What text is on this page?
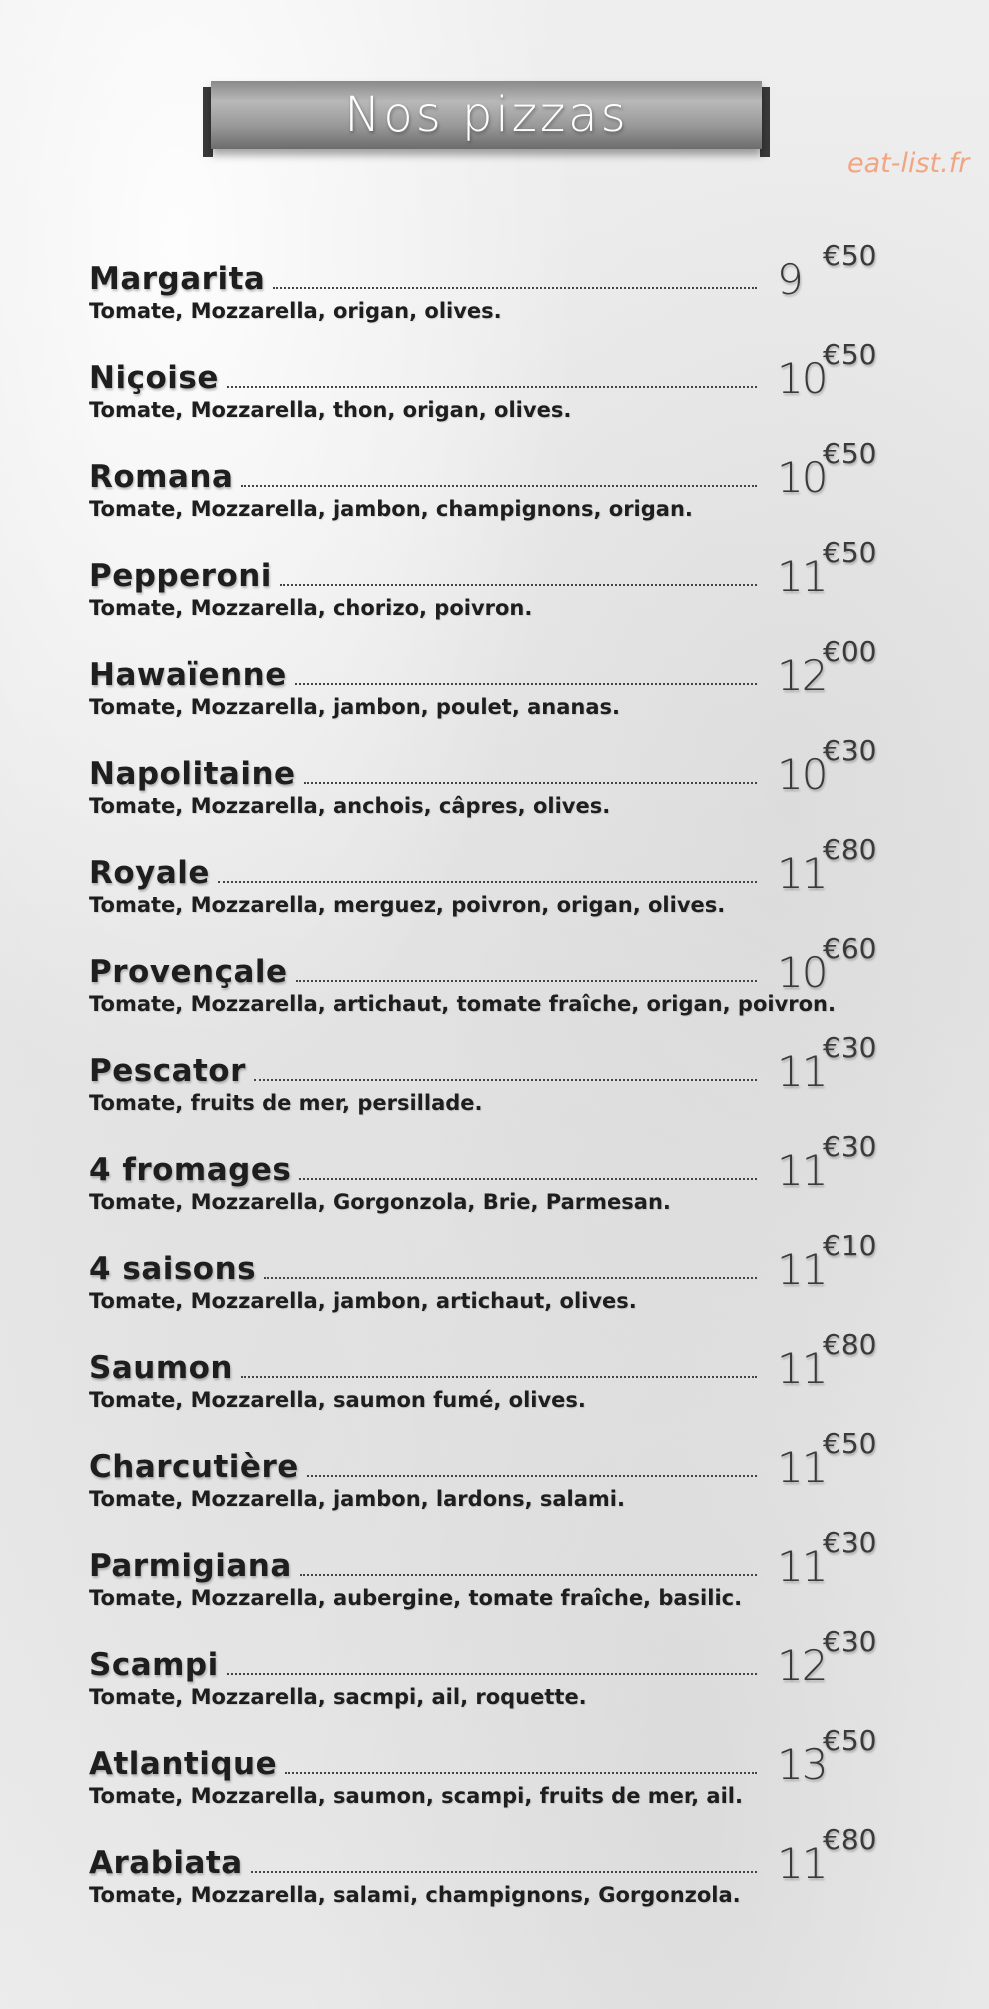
Nos pizzas
eat-list.fr
Margarita	9 €50
Tomate, Mozzarella, origan, olives.
Niçoise	10
€50
Tomate, Mozzarella, thon, origan, olives.
Romana	10
€50
Tomate, Mozzarella, jambon, champignons, origan.
Pepperoni	11
€50
Tomate, Mozzarella, chorizo, poivron.
Hawaïenne	12
€00
Tomate, Mozzarella, jambon, poulet, ananas.
Napolitaine	10
€30
Tomate, Mozzarella, anchois, câpres, olives.
Royale	11
€80
Tomate, Mozzarella, merguez, poivron, origan, olives.
Provençale	10
€60
Tomate, Mozzarella, artichaut, tomate fraîche, origan, poivron.
Pescator	11
€30
Tomate, fruits de mer, persillade.
4 fromages	11
€30
Tomate, Mozzarella, Gorgonzola, Brie, Parmesan.
4 saisons	11
€10
Tomate, Mozzarella, jambon, artichaut, olives.
Saumon	11
€80
Tomate, Mozzarella, saumon fumé, olives.
Charcutière	11
€50
Tomate, Mozzarella, jambon, lardons, salami.
Parmigiana	11
€30
Tomate, Mozzarella, aubergine, tomate fraîche, basilic.
Scampi	12
€30
Tomate, Mozzarella, sacmpi, ail, roquette.
Atlantique	13
€50
Tomate, Mozzarella, saumon, scampi, fruits de mer, ail.
Arabiata	11
€80
Tomate, Mozzarella, salami, champignons, Gorgonzola.
